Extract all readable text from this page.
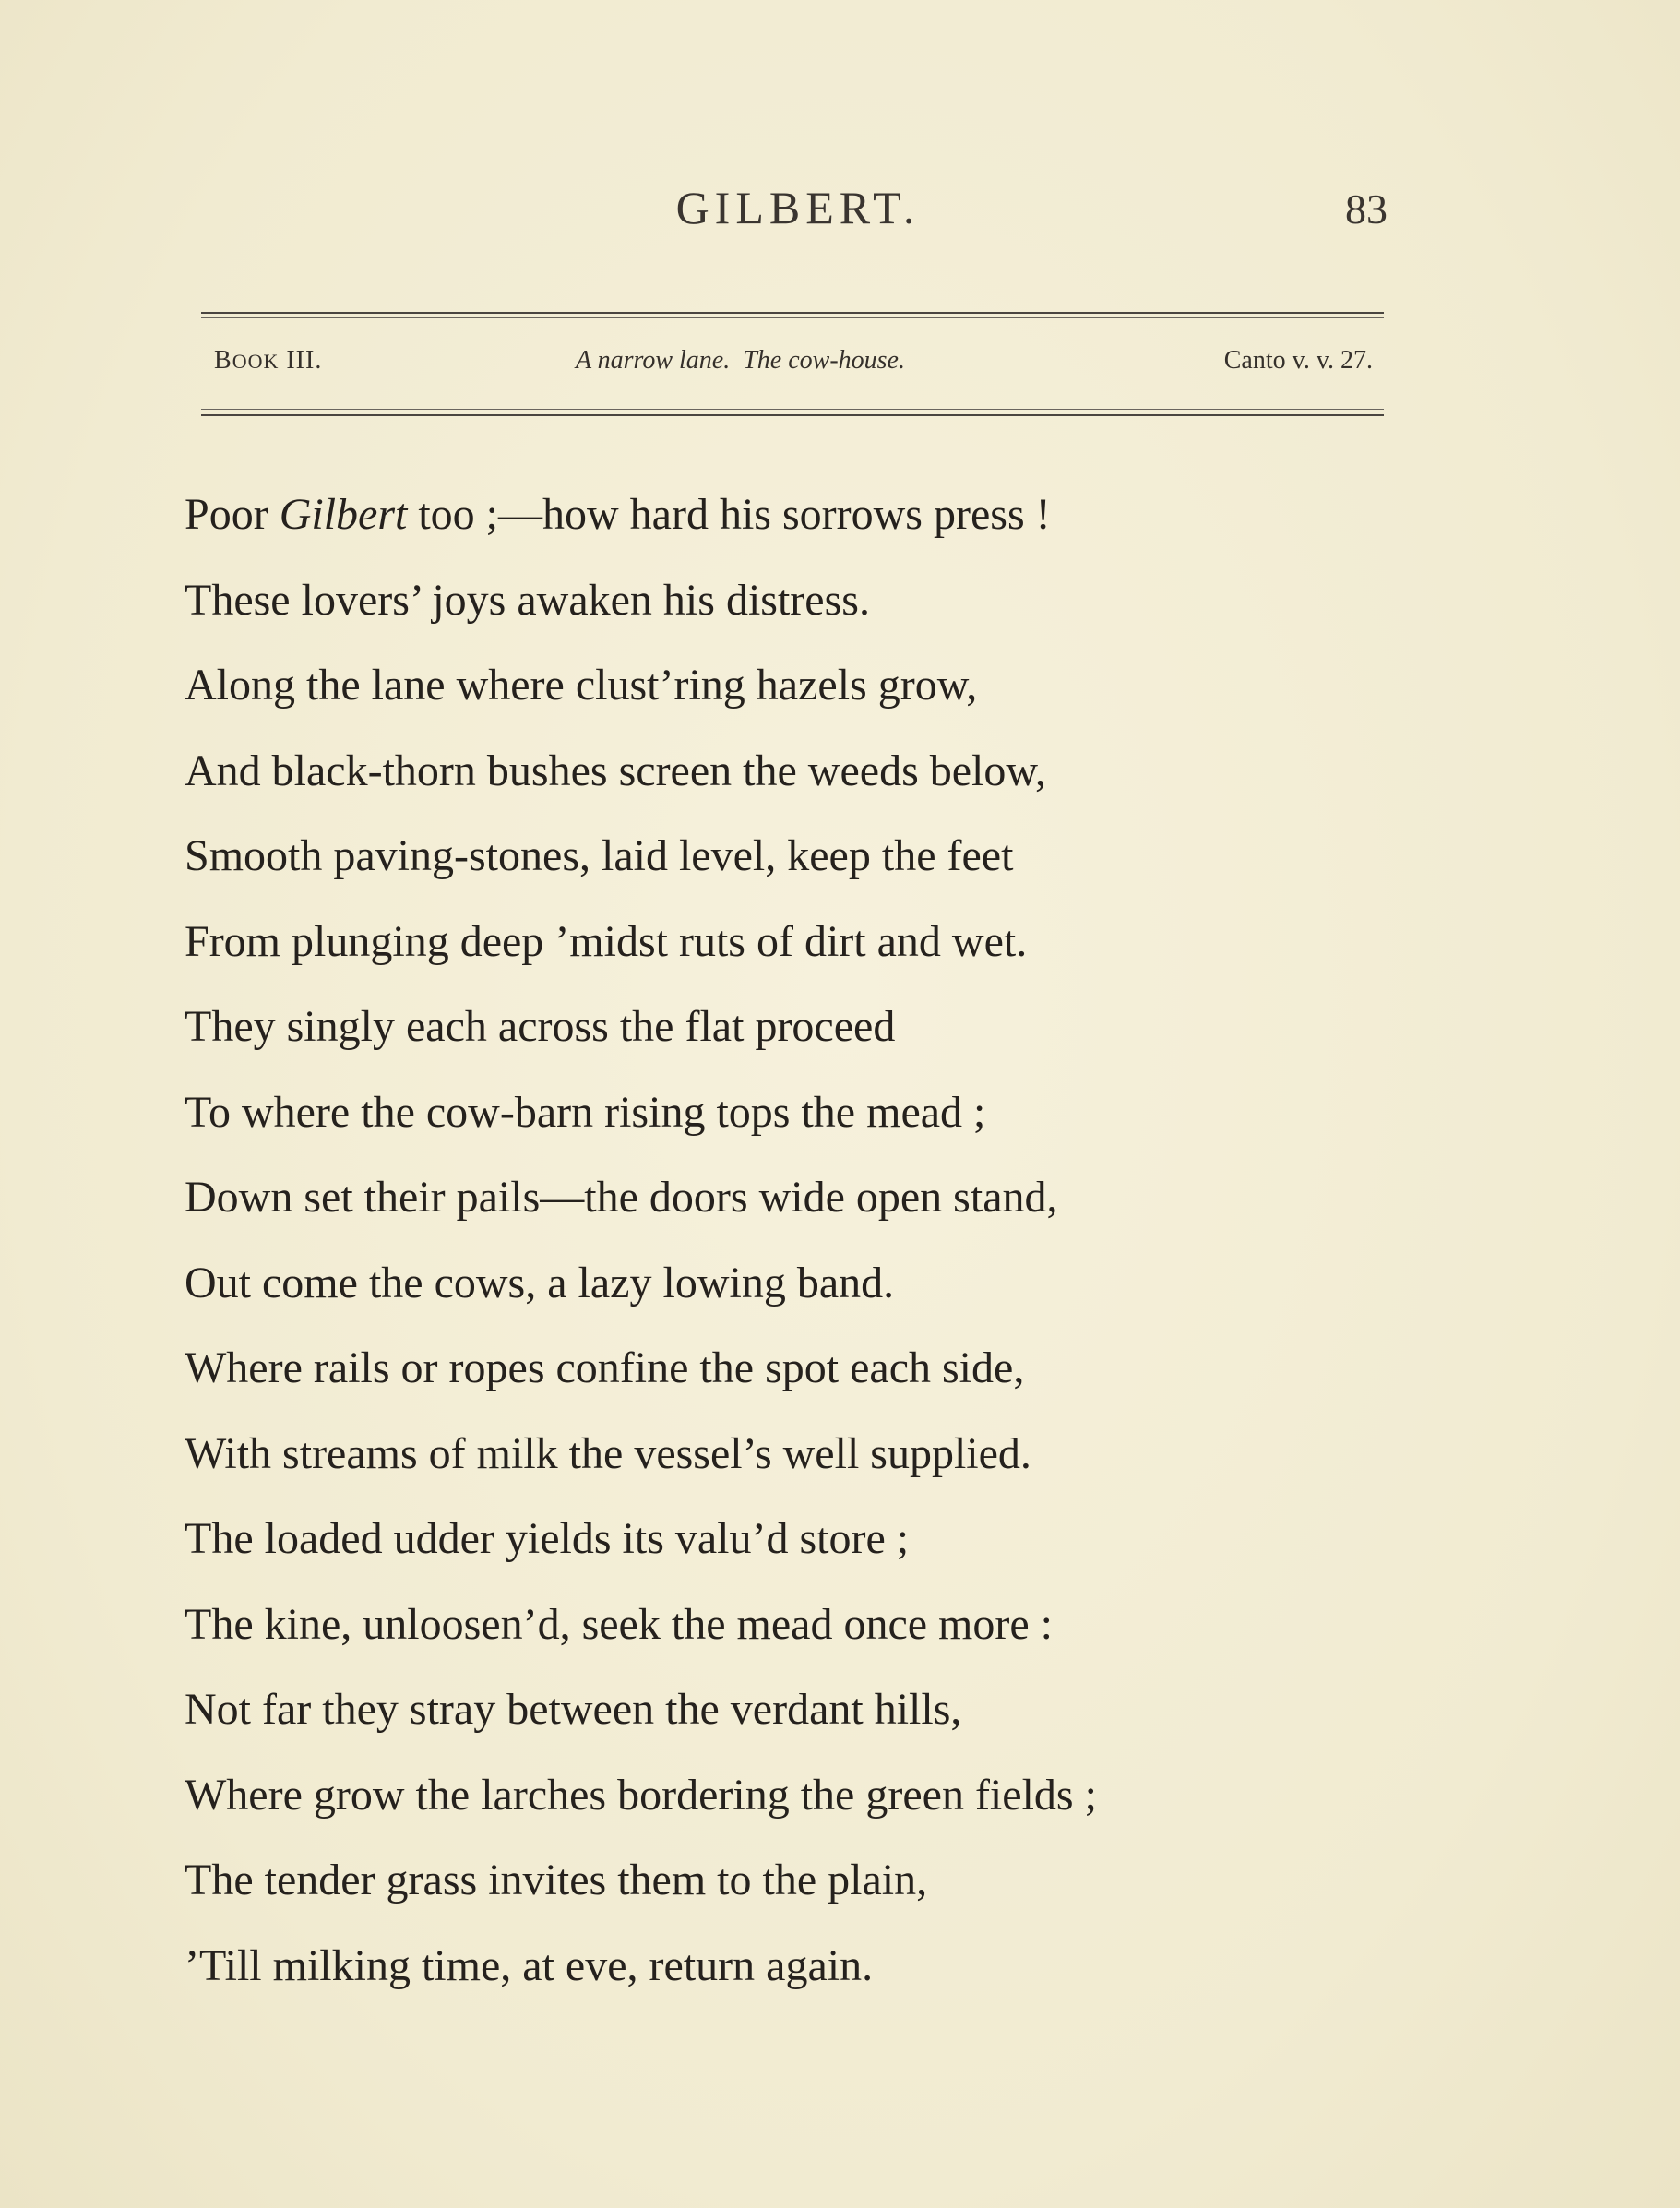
GILBERT.	83
BOOK III.	A narrow lane.  The cow-house.	Canto v. v. 27.
Poor Gilbert too ;—how hard his sorrows press !
These lovers’ joys awaken his distress.
Along the lane where clust’ring hazels grow,
And black-thorn bushes screen the weeds below,
Smooth paving-stones, laid level, keep the feet
From plunging deep ’midst ruts of dirt and wet.
They singly each across the flat proceed
To where the cow-barn rising tops the mead ;
Down set their pails—the doors wide open stand,
Out come the cows, a lazy lowing band.
Where rails or ropes confine the spot each side,
With streams of milk the vessel’s well supplied.
The loaded udder yields its valu’d store ;
The kine, unloosen’d, seek the mead once more :
Not far they stray between the verdant hills,
Where grow the larches bordering the green fields ;
The tender grass invites them to the plain,
’Till milking time, at eve, return again.
